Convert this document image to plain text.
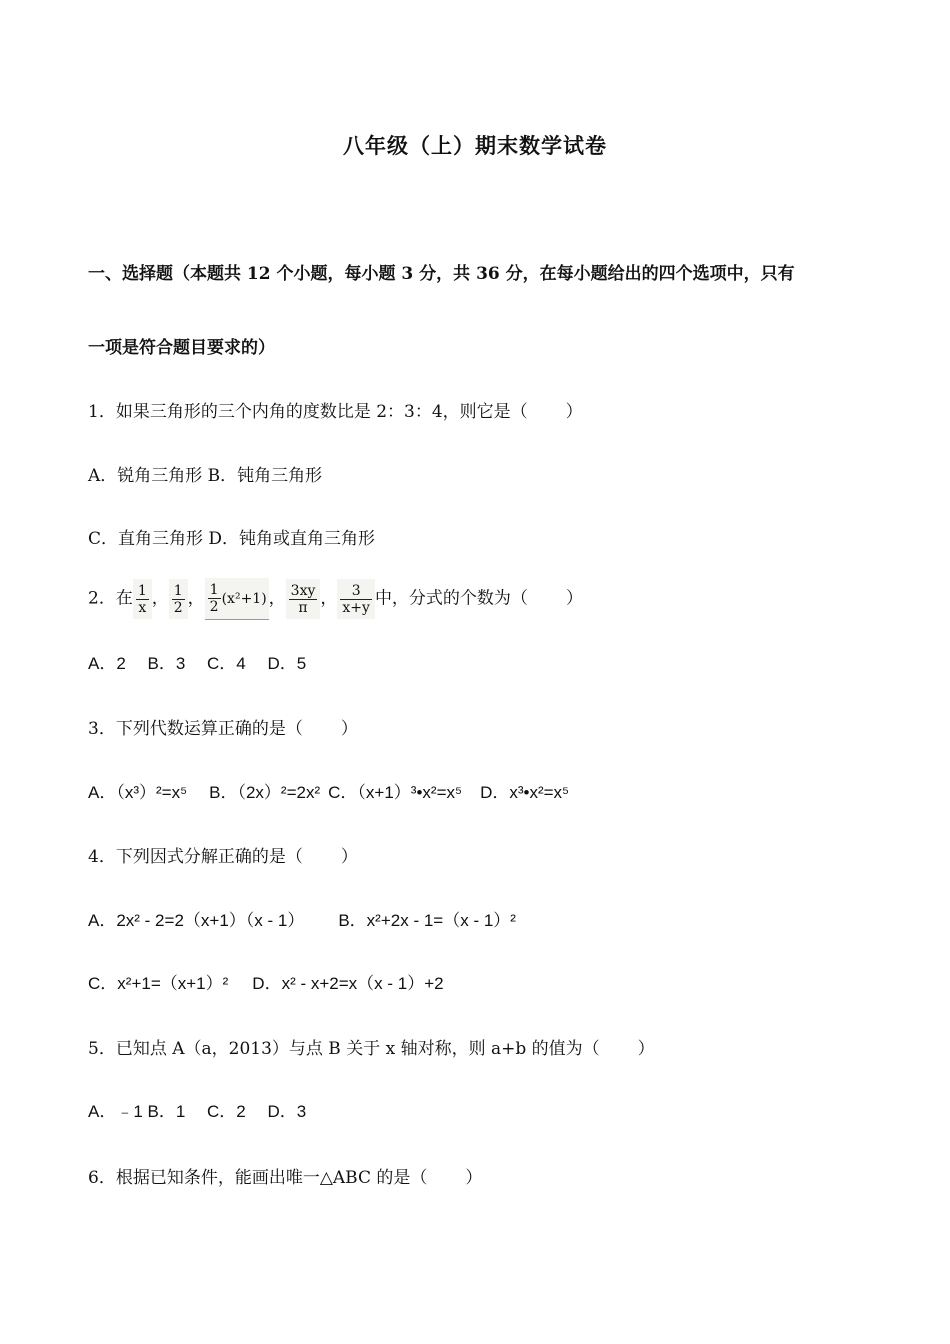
八年级（上）期末数学试卷
一、选择题（本题共 12 个小题，每小题 3 分，共 36 分，在每小题给出的四个选项中，只有
一项是符合题目要求的）
1．如果三角形的三个内角的度数比是 2：3：4，则它是（ ）
A．锐角三角形 B．钝角三角形
C．直角三角形 D．钝角或直角三角形
2．在 $\frac{1}{x}$ ， $\frac{1}{2}$ ， $\frac{1}{2} (x^2+1)$ ， $\frac{3xy}{\pi}$ ， $\frac{3}{x+y}$ 中，分式的个数为（ ）
A．2　 B．3　 C．4　 D．5
3．下列代数运算正确的是（ ）
A．（x³）²=x⁵ B．（2x）²=2x² C．（x+1）³•x²=x⁵ D．x³•x²=x⁵
4．下列因式分解正确的是（ ）
A．2x² - 2=2（x+1）（x - 1） B．x²+2x - 1=（x - 1）²
C．x²+1=（x+1）² D．x² - x+2=x（x - 1）+2
5．已知点 A（a，2013）与点 B 关于 x 轴对称，则 a+b 的值为（ ）
A．﹣1 B．1　 C．2　 D．3
6．根据已知条件，能画出唯一△ABC 的是（ ）
